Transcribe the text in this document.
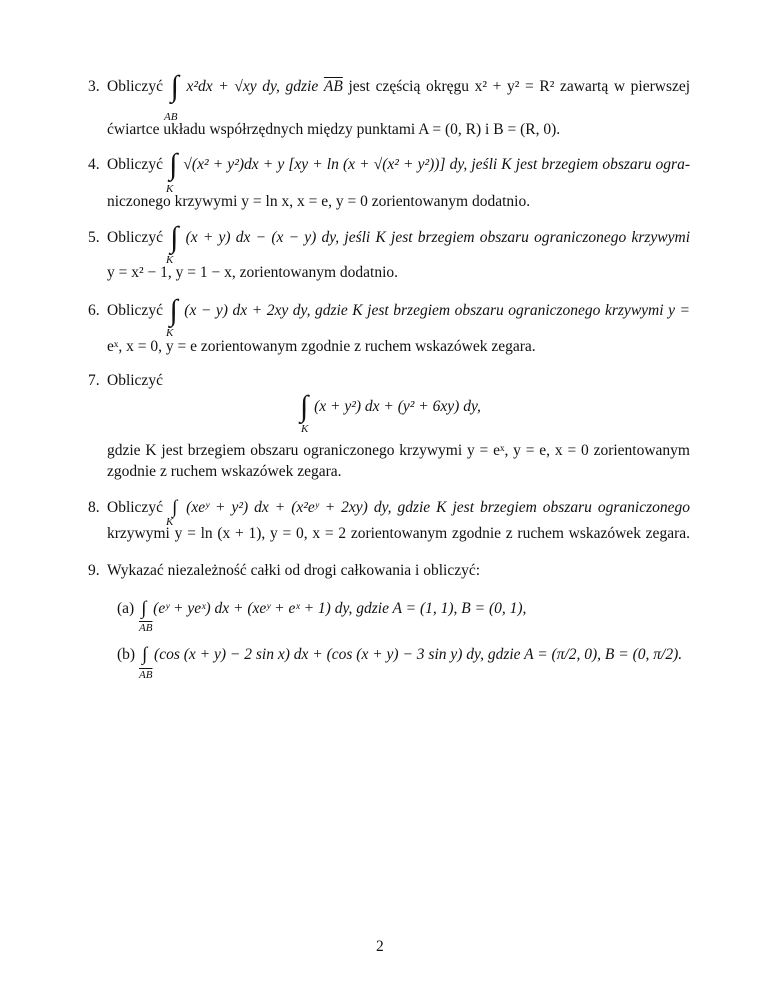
3. Obliczyć ∫ x²dx + √xy dy, gdzie $\overline{AB}$ jest częścią okręgu x² + y² = R² zawartą w pierwszej
AB
ćwiartce układu współrzędnych między punktami A = (0, R) i B = (R, 0).
4. Obliczyć ∫ √(x² + y²)dx + y [xy + ln (x + √(x² + y²))] dy, jeśli K jest brzegiem obszaru ogra-
K
niczonego krzywymi y = ln x, x = e, y = 0 zorientowanym dodatnio.
5. Obliczyć ∫ (x + y) dx − (x − y) dy, jeśli K jest brzegiem obszaru ograniczonego krzywymi
K
y = x² − 1, y = 1 − x, zorientowanym dodatnio.
6. Obliczyć ∫ (x − y) dx + 2xy dy, gdzie K jest brzegiem obszaru ograniczonego krzywymi y =
K
eˣ, x = 0, y = e zorientowanym zgodnie z ruchem wskazówek zegara.
7. Obliczyć
∫ (x + y²) dx + (y² + 6xy) dy,
K
gdzie K jest brzegiem obszaru ograniczonego krzywymi y = eˣ, y = e, x = 0 zorientowanym
zgodnie z ruchem wskazówek zegara.
8. Obliczyć ∫ (xeʸ + y²) dx + (x²eʸ + 2xy) dy, gdzie K jest brzegiem obszaru ograniczonego
K
krzywymi y = ln (x + 1), y = 0, x = 2 zorientowanym zgodnie z ruchem wskazówek zegara.
9. Wykazać niezależność całki od drogi całkowania i obliczyć:
(a) ∫ (eʸ + yeˣ) dx + (xeʸ + eˣ + 1) dy, gdzie A = (1, 1), B = (0, 1),
$\overline{AB}$
(b) ∫ (cos (x + y) − 2 sin x) dx + (cos (x + y) − 3 sin y) dy, gdzie A = (π/2, 0), B = (0, π/2).
$\overline{AB}$
2
